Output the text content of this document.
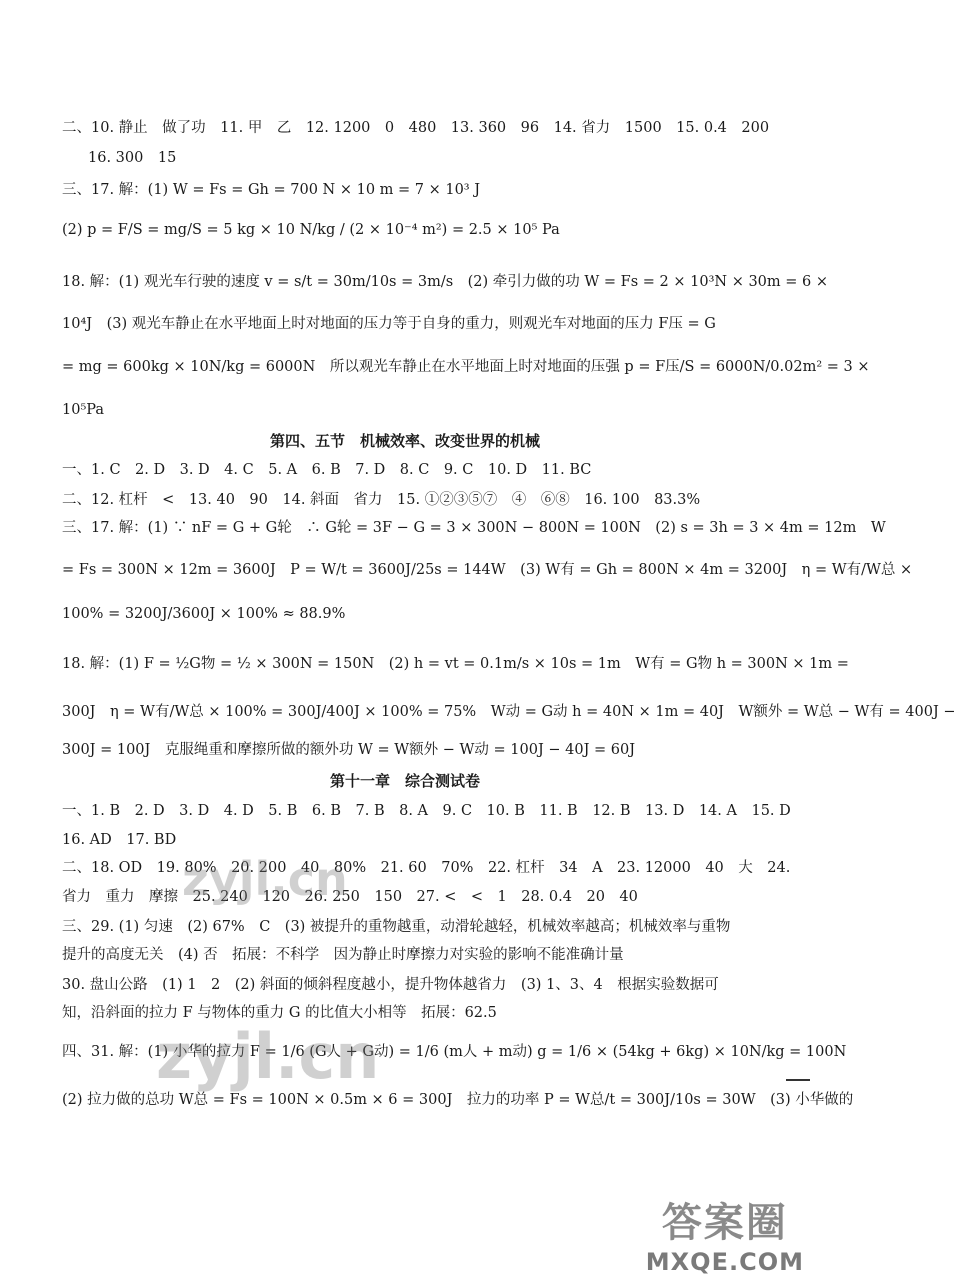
二、10. 静止　做了功　11. 甲　乙　12. 1200　0　480　13. 360　96　14. 省力　1500　15. 0.4　200
16. 300　15
三、17. 解：(1) W = Fs = Gh = 700 N × 10 m = 7 × 10³ J
(2) p = F/S = mg/S = 5 kg × 10 N/kg / (2 × 10⁻⁴ m²) = 2.5 × 10⁵ Pa
18. 解：(1) 观光车行驶的速度 v = s/t = 30m/10s = 3m/s　(2) 牵引力做的功 W = Fs = 2 × 10³N × 30m = 6 ×
10⁴J　(3) 观光车静止在水平地面上时对地面的压力等于自身的重力，则观光车对地面的压力 F压 = G
= mg = 600kg × 10N/kg = 6000N　所以观光车静止在水平地面上时对地面的压强 p = F压/S = 6000N/0.02m² = 3 ×
10⁵Pa
第四、五节　机械效率、改变世界的机械
一、1. C　2. D　3. D　4. C　5. A　6. B　7. D　8. C　9. C　10. D　11. BC
二、12. 杠杆　<　13. 40　90　14. 斜面　省力　15. ①②③⑤⑦　④　⑥⑧　16. 100　83.3%
三、17. 解：(1) ∵ nF = G + G轮　∴ G轮 = 3F − G = 3 × 300N − 800N = 100N　(2) s = 3h = 3 × 4m = 12m　W
= Fs = 300N × 12m = 3600J　P = W/t = 3600J/25s = 144W　(3) W有 = Gh = 800N × 4m = 3200J　η = W有/W总 ×
100% = 3200J/3600J × 100% ≈ 88.9%
18. 解：(1) F = ½G物 = ½ × 300N = 150N　(2) h = vt = 0.1m/s × 10s = 1m　W有 = G物 h = 300N × 1m =
300J　η = W有/W总 × 100% = 300J/400J × 100% = 75%　W动 = G动 h = 40N × 1m = 40J　W额外 = W总 − W有 = 400J −
300J = 100J　克服绳重和摩擦所做的额外功 W = W额外 − W动 = 100J − 40J = 60J
第十一章　综合测试卷
一、1. B　2. D　3. D　4. D　5. B　6. B　7. B　8. A　9. C　10. B　11. B　12. B　13. D　14. A　15. D
16. AD　17. BD
二、18. OD　19. 80%　20. 200　40　80%　21. 60　70%　22. 杠杆　34　A　23. 12000　40　大　24.
省力　重力　摩擦　25. 240　120　26. 250　150　27. <　<　1　28. 0.4　20　40
三、29. (1) 匀速　(2) 67%　C　(3) 被提升的重物越重，动滑轮越轻，机械效率越高；机械效率与重物
提升的高度无关　(4) 否　拓展：不科学　因为静止时摩擦力对实验的影响不能准确计量
30. 盘山公路　(1) 1　2　(2) 斜面的倾斜程度越小，提升物体越省力　(3) 1、3、4　根据实验数据可
知，沿斜面的拉力 F 与物体的重力 G 的比值大小相等　拓展：62.5
四、31. 解：(1) 小华的拉力 F = 1/6 (G人 + G动) = 1/6 (m人 + m动) g = 1/6 × (54kg + 6kg) × 10N/kg = 100N
(2) 拉力做的总功 W总 = Fs = 100N × 0.5m × 6 = 300J　拉力的功率 P = W总/t = 300J/10s = 30W　(3) 小华做的
zyjl.cn
zyjl.cn
答案圈
MXQE.COM
